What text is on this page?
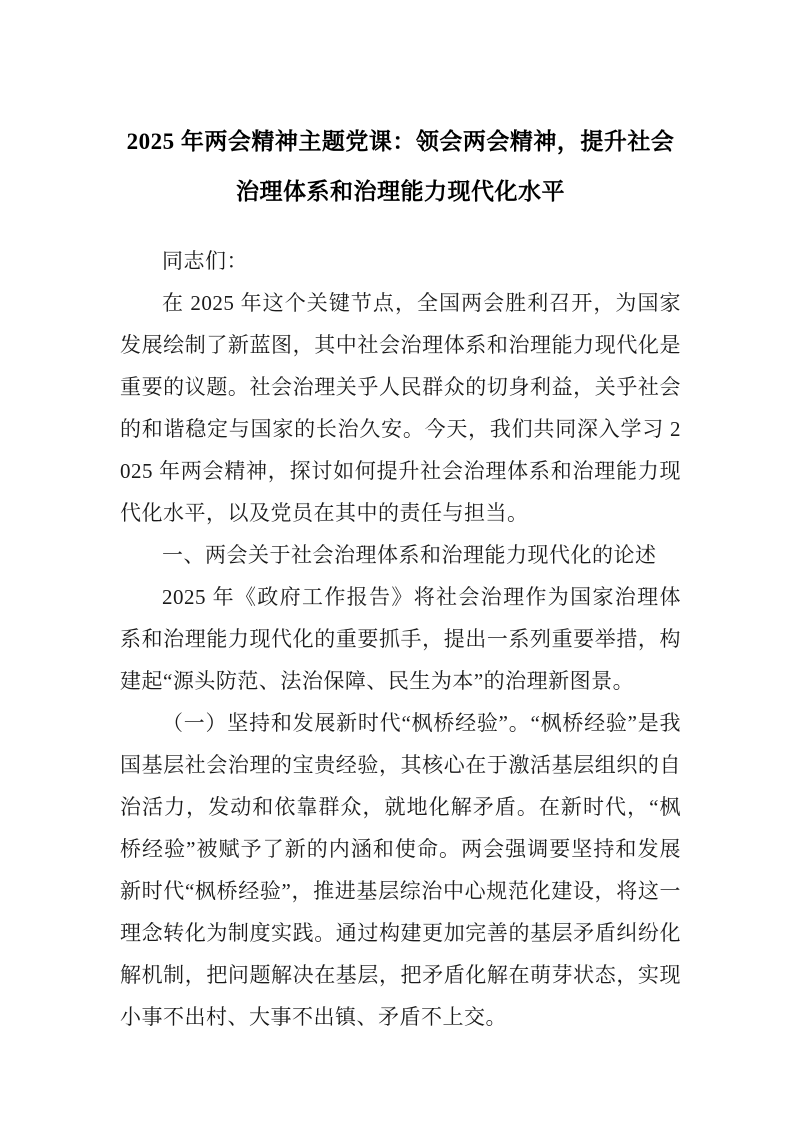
2025 年两会精神主题党课：领会两会精神，提升社会治理体系和治理能力现代化水平

同志们：

在 2025 年这个关键节点，全国两会胜利召开，为国家发展绘制了新蓝图，其中社会治理体系和治理能力现代化是重要的议题。社会治理关乎人民群众的切身利益，关乎社会的和谐稳定与国家的长治久安。今天，我们共同深入学习 2025 年两会精神，探讨如何提升社会治理体系和治理能力现代化水平，以及党员在其中的责任与担当。

一、两会关于社会治理体系和治理能力现代化的论述

2025 年《政府工作报告》将社会治理作为国家治理体系和治理能力现代化的重要抓手，提出一系列重要举措，构建起“源头防范、法治保障、民生为本”的治理新图景。

（一）坚持和发展新时代“枫桥经验”。“枫桥经验”是我国基层社会治理的宝贵经验，其核心在于激活基层组织的自治活力，发动和依靠群众，就地化解矛盾。在新时代，“枫桥经验”被赋予了新的内涵和使命。两会强调要坚持和发展新时代“枫桥经验”，推进基层综治中心规范化建设，将这一理念转化为制度实践。通过构建更加完善的基层矛盾纠纷化解机制，把问题解决在基层，把矛盾化解在萌芽状态，实现小事不出村、大事不出镇、矛盾不上交。
